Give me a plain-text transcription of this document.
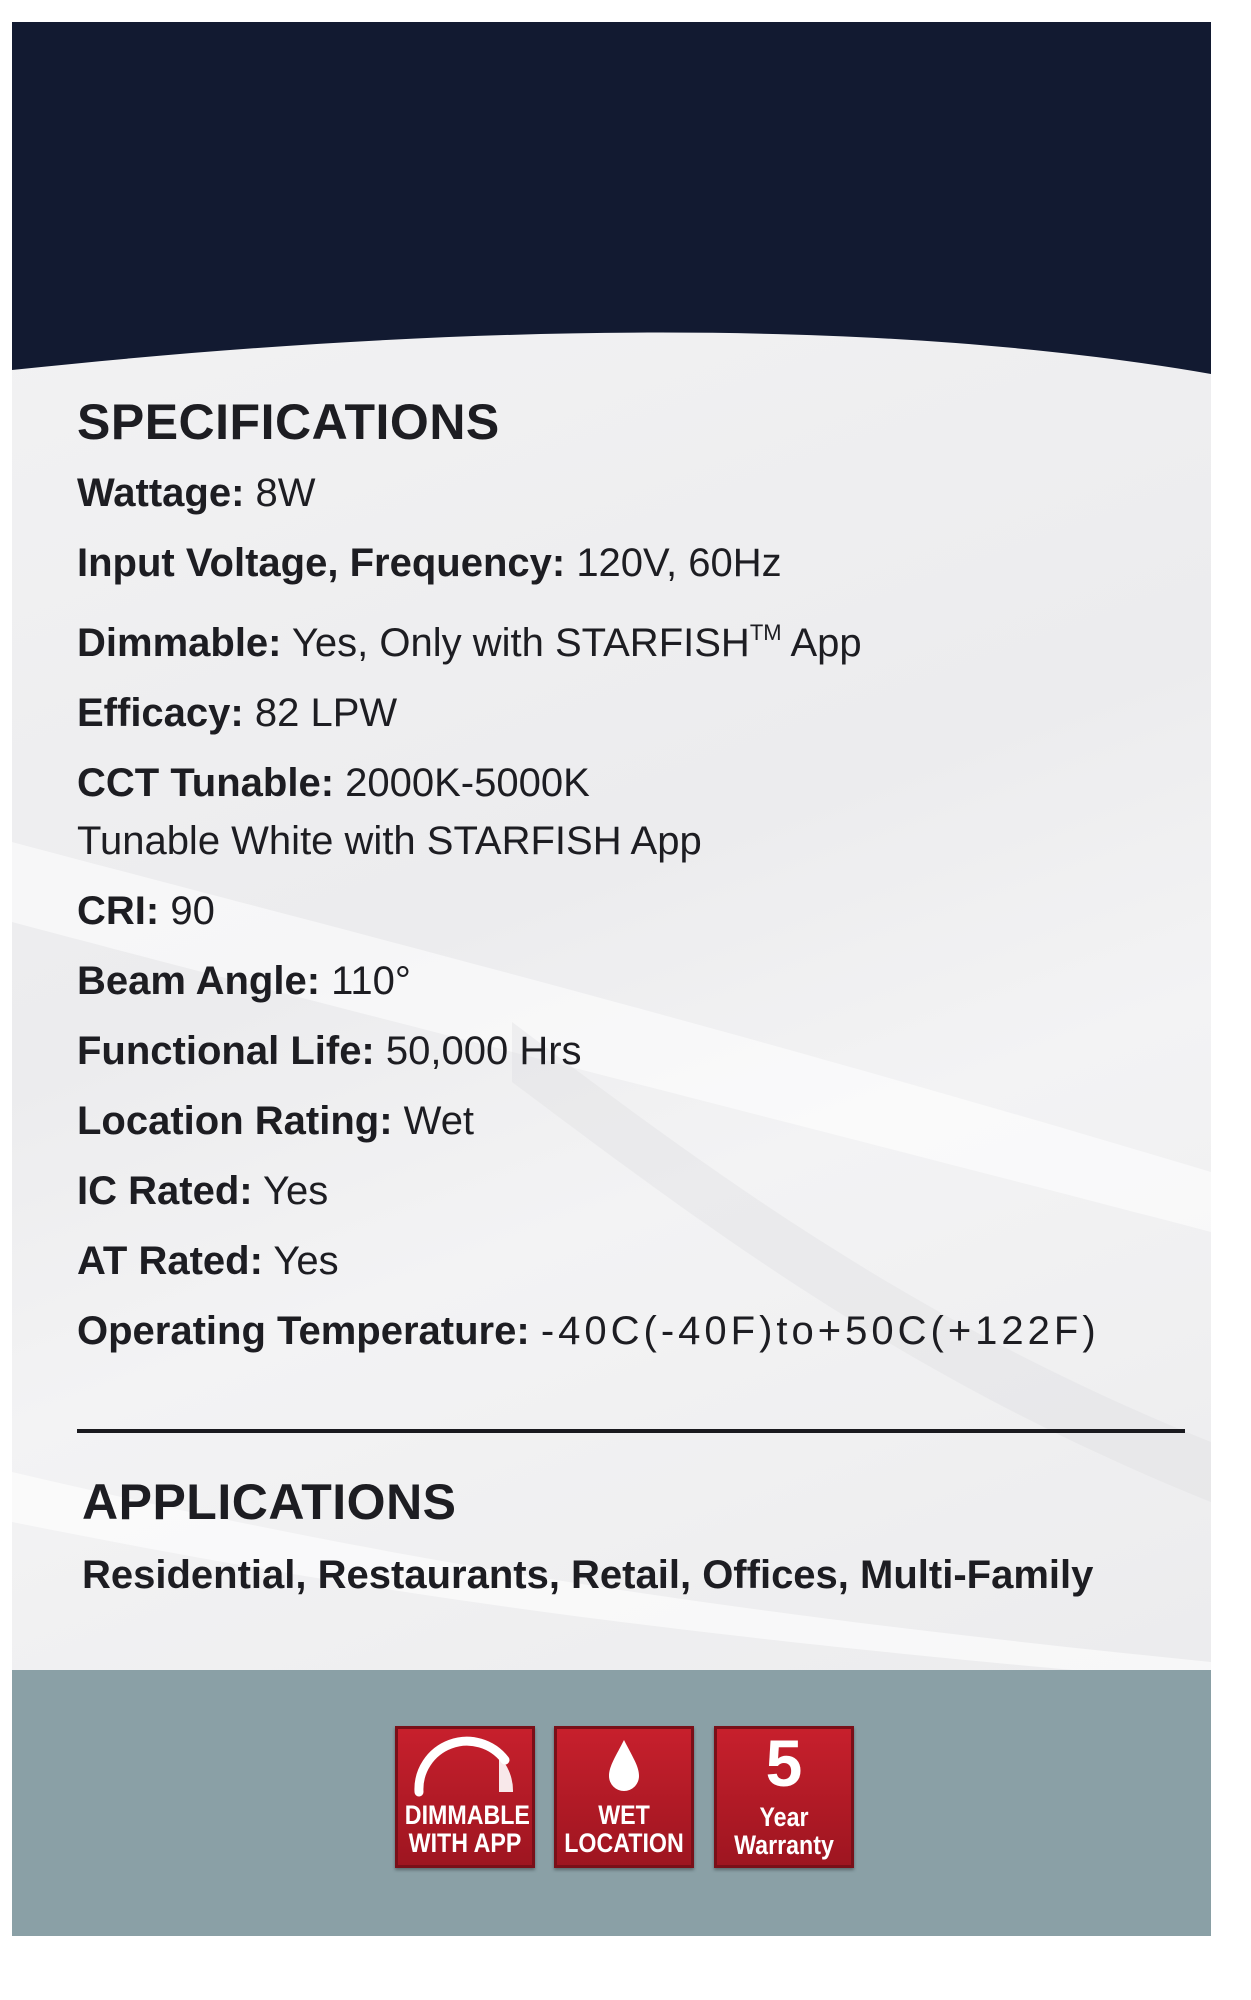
SPECIFICATIONS
Wattage: 8W
Input Voltage, Frequency: 120V, 60Hz
Dimmable: Yes, Only with STARFISH™ App
Efficacy: 82 LPW
CCT Tunable: 2000K-5000K
Tunable White with STARFISH App
CRI: 90
Beam Angle: 110°
Functional Life: 50,000 Hrs
Location Rating: Wet
IC Rated: Yes
AT Rated: Yes
Operating Temperature: -40C(-40F)to+50C(+122F)
APPLICATIONS
Residential, Restaurants, Retail, Offices, Multi-Family
DIMMABLE
WITH APP
WET
LOCATION
5
Year
Warranty
